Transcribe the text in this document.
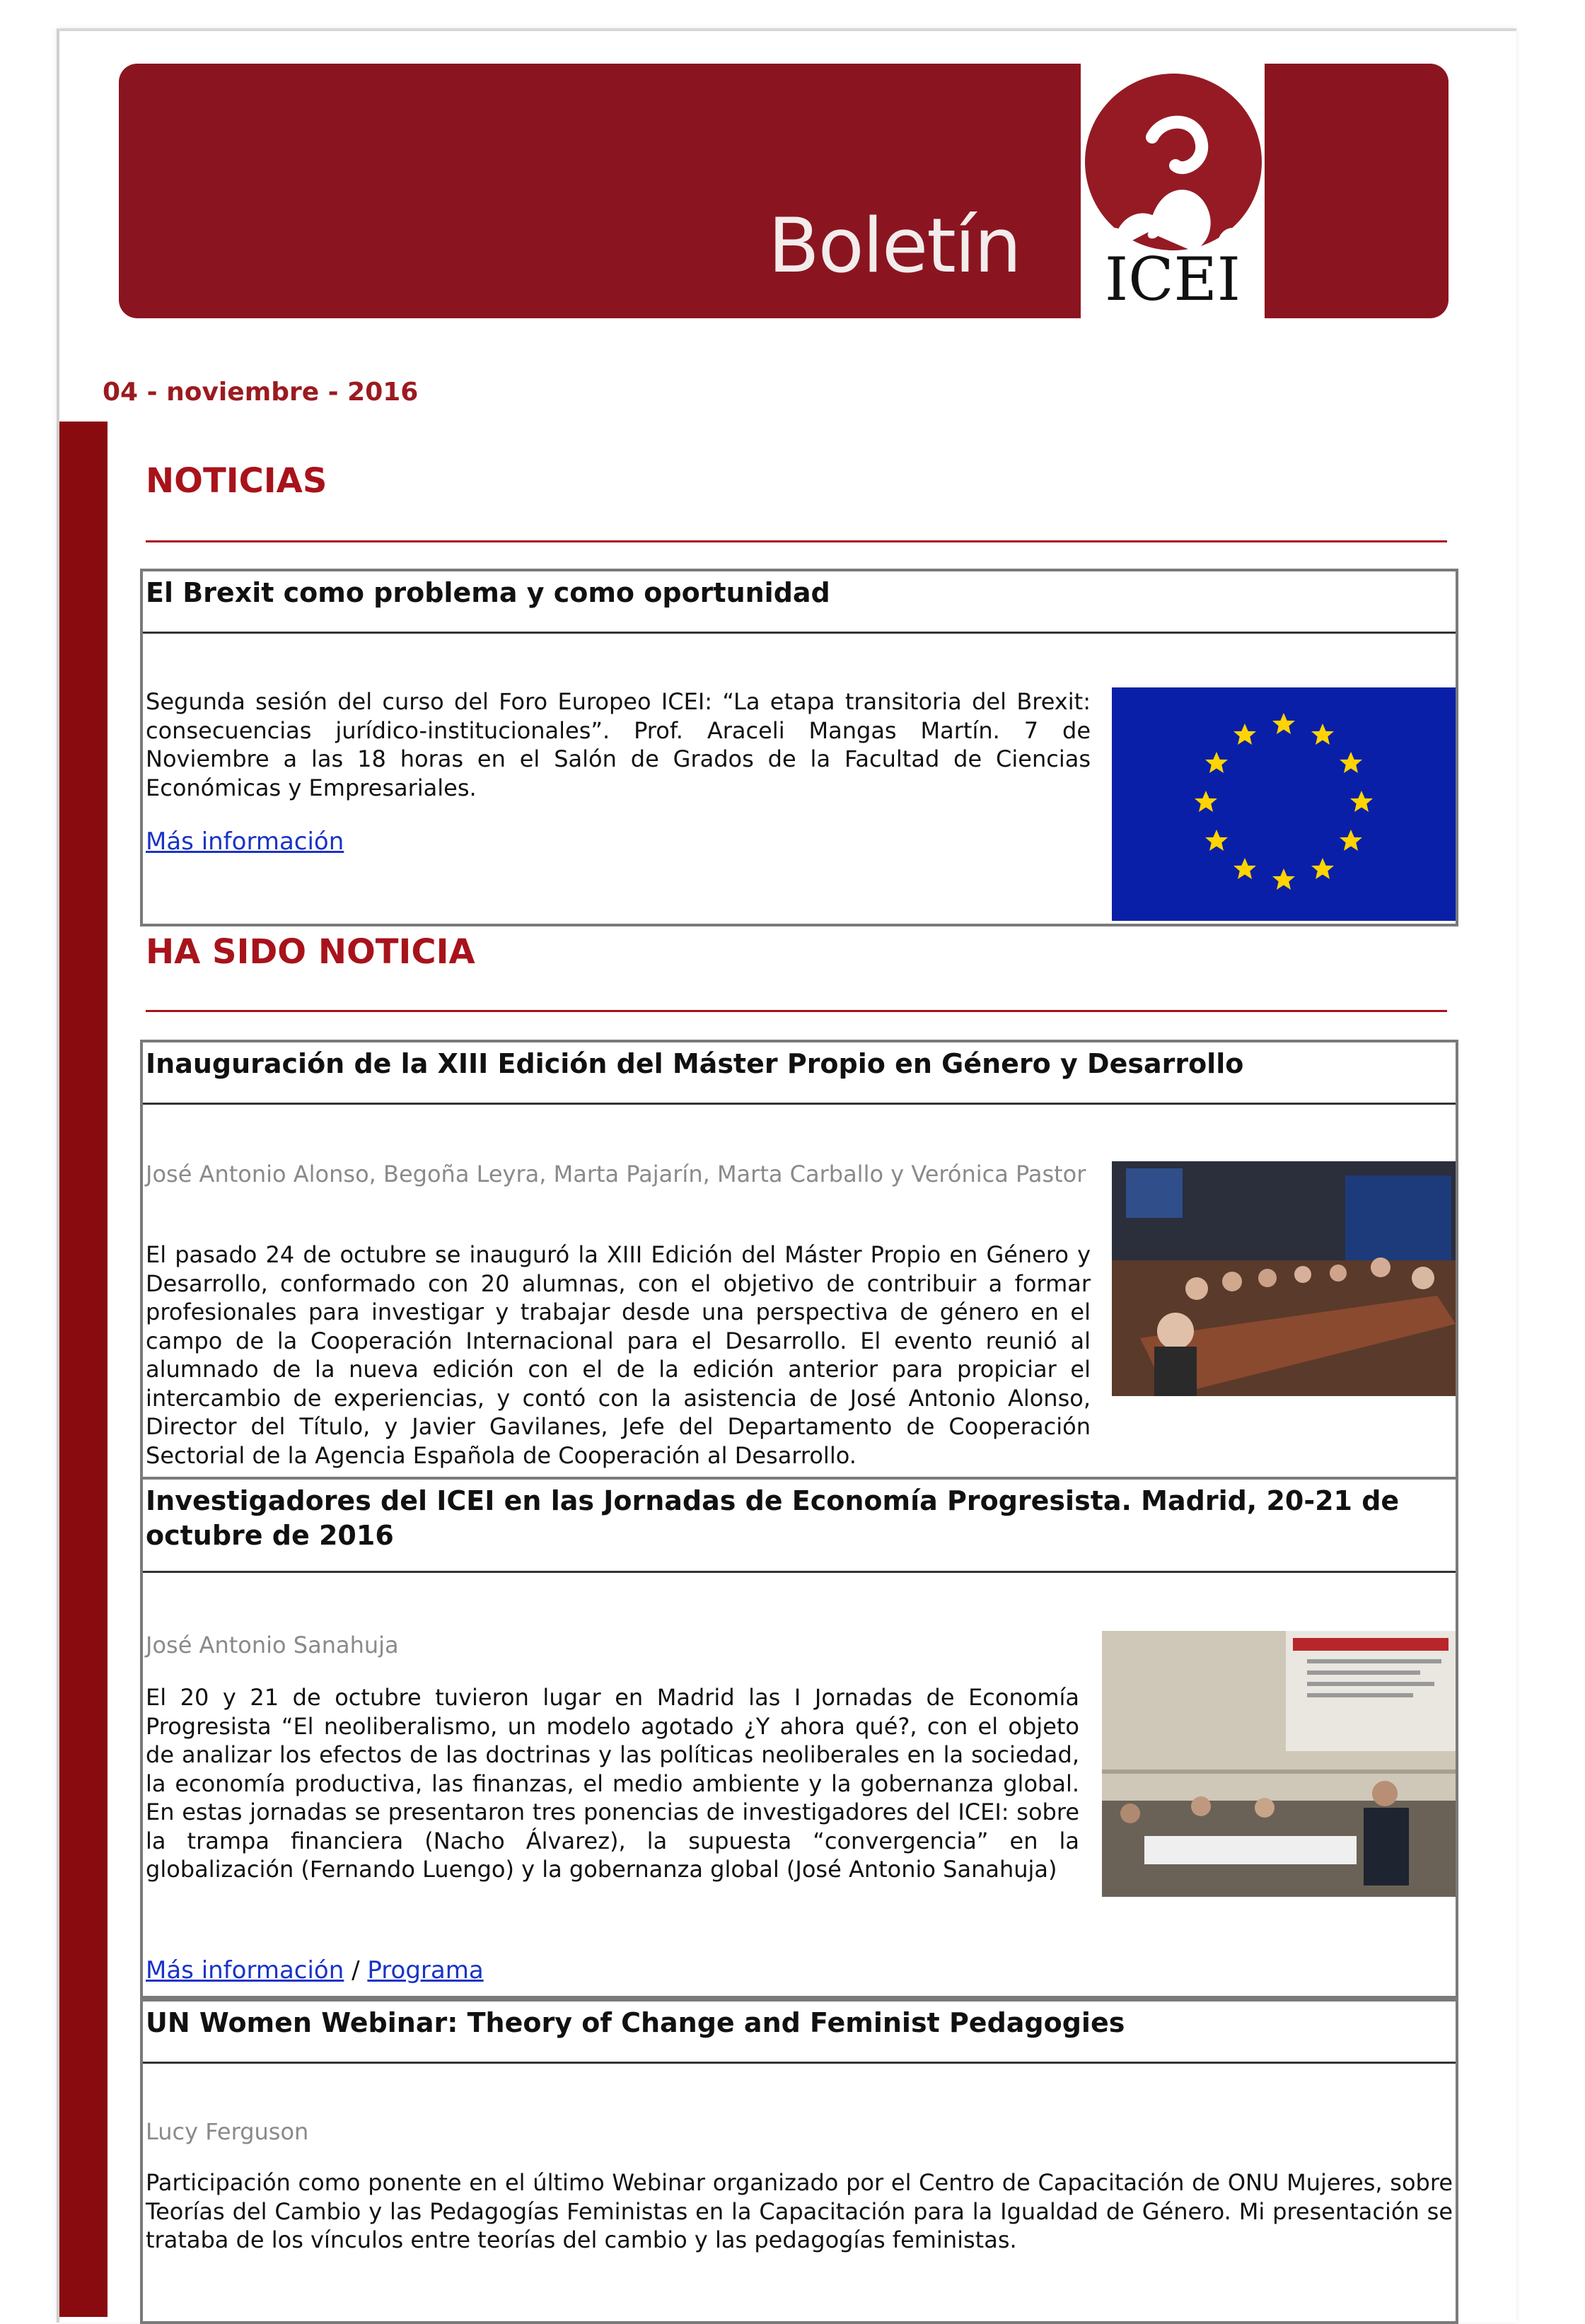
Boletín	ICEI
04 - noviembre - 2016
NOTICIAS
El Brexit como problema y como oportunidad
Segunda sesión del curso del Foro Europeo ICEI: “La etapa transitoria del Brexit: consecuencias jurídico-institucionales”. Prof. Araceli Mangas Martín. 7 de Noviembre a las 18 horas en el Salón de Grados de la Facultad de Ciencias Económicas y Empresariales.
Más información
HA SIDO NOTICIA
Inauguración de la XIII Edición del Máster Propio en Género y Desarrollo
José Antonio Alonso, Begoña Leyra, Marta Pajarín, Marta Carballo y Verónica Pastor
El pasado 24 de octubre se inauguró la XIII Edición del Máster Propio en Género y Desarrollo, conformado con 20 alumnas, con el objetivo de contribuir a formar profesionales para investigar y trabajar desde una perspectiva de género en el campo de la Cooperación Internacional para el Desarrollo. El evento reunió al alumnado de la nueva edición con el de la edición anterior para propiciar el intercambio de experiencias, y contó con la asistencia de José Antonio Alonso, Director del Título, y Javier Gavilanes, Jefe del Departamento de Cooperación Sectorial de la Agencia Española de Cooperación al Desarrollo.
Investigadores del ICEI en las Jornadas de Economía Progresista. Madrid, 20-21 de octubre de 2016
José Antonio Sanahuja
El 20 y 21 de octubre tuvieron lugar en Madrid las I Jornadas de Economía Progresista “El neoliberalismo, un modelo agotado ¿Y ahora qué?, con el objeto de analizar los efectos de las doctrinas y las políticas neoliberales en la sociedad, la economía productiva, las finanzas, el medio ambiente y la gobernanza global. En estas jornadas se presentaron tres ponencias de investigadores del ICEI: sobre la trampa financiera (Nacho Álvarez), la supuesta “convergencia” en la globalización (Fernando Luengo) y la gobernanza global (José Antonio Sanahuja)
Más información / Programa
UN Women Webinar: Theory of Change and Feminist Pedagogies
Lucy Ferguson
Participación como ponente en el último Webinar organizado por el Centro de Capacitación de ONU Mujeres, sobre Teorías del Cambio y las Pedagogías Feministas en la Capacitación para la Igualdad de Género. Mi presentación se trataba de los vínculos entre teorías del cambio y las pedagogías feministas.
